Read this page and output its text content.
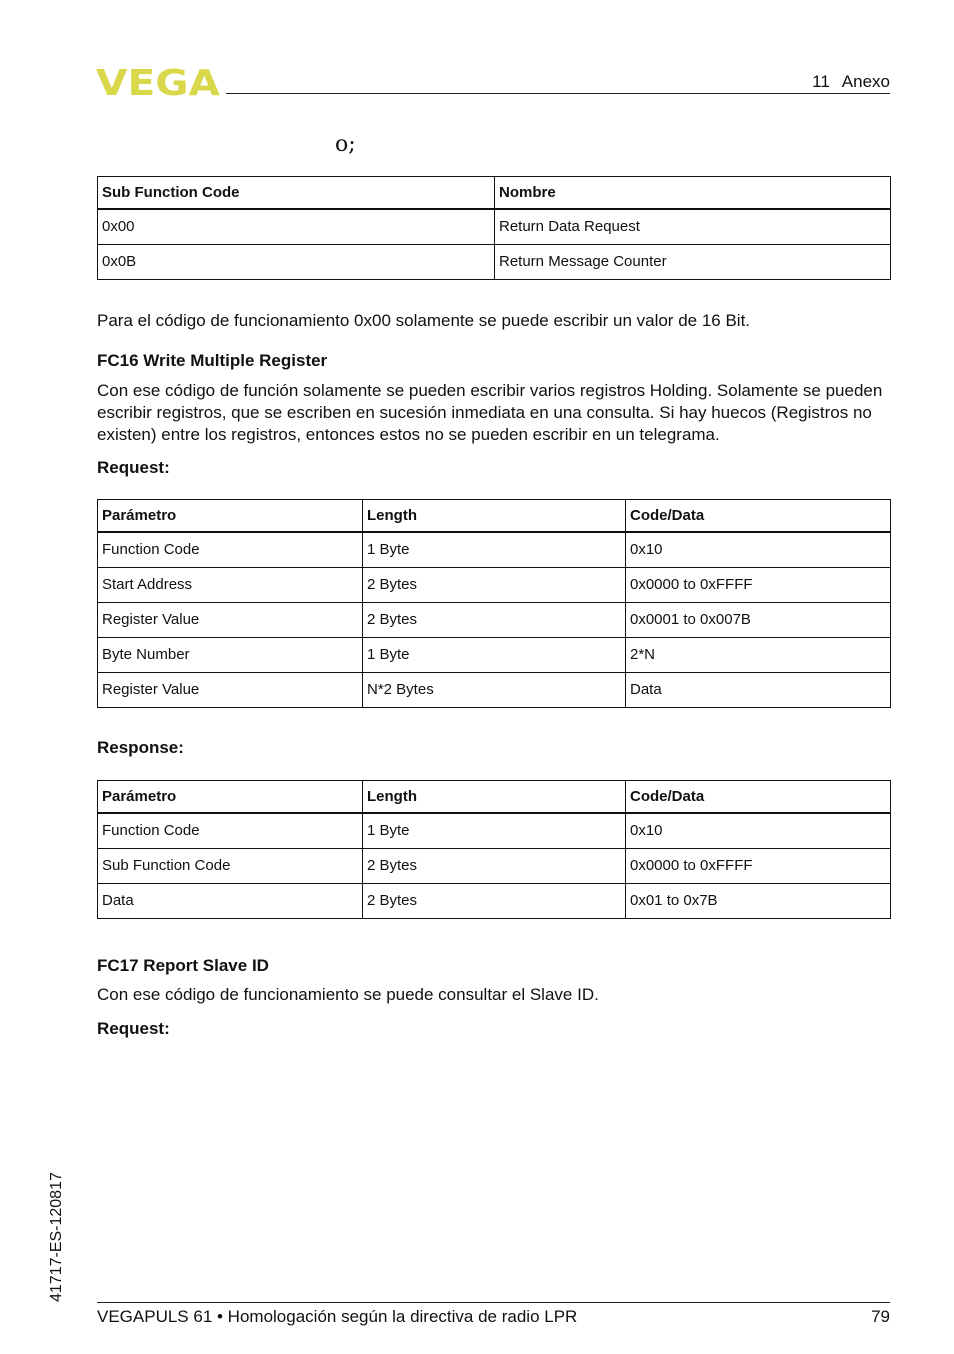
VEGA	11 Anexo
o;
Sub Function Code	Nombre
0x00	Return Data Request
0x0B	Return Message Counter
Para el código de funcionamiento 0x00 solamente se puede escribir un valor de 16 Bit.
FC16 Write Multiple Register
Con ese código de función solamente se pueden escribir varios registros Holding. Solamente se pueden escribir registros, que se escriben en sucesión inmediata en una consulta. Si hay huecos (Registros no existen) entre los registros, entonces estos no se pueden escribir en un telegrama.
Request:
Parámetro	Length	Code/Data
Function Code	1 Byte	0x10
Start Address	2 Bytes	0x0000 to 0xFFFF
Register Value	2 Bytes	0x0001 to 0x007B
Byte Number	1 Byte	2*N
Register Value	N*2 Bytes	Data
Response:
Parámetro	Length	Code/Data
Function Code	1 Byte	0x10
Sub Function Code	2 Bytes	0x0000 to 0xFFFF
Data	2 Bytes	0x01 to 0x7B
FC17 Report Slave ID
Con ese código de funcionamiento se puede consultar el Slave ID.
Request:
41717-ES-120817
VEGAPULS 61 • Homologación según la directiva de radio LPR	79
